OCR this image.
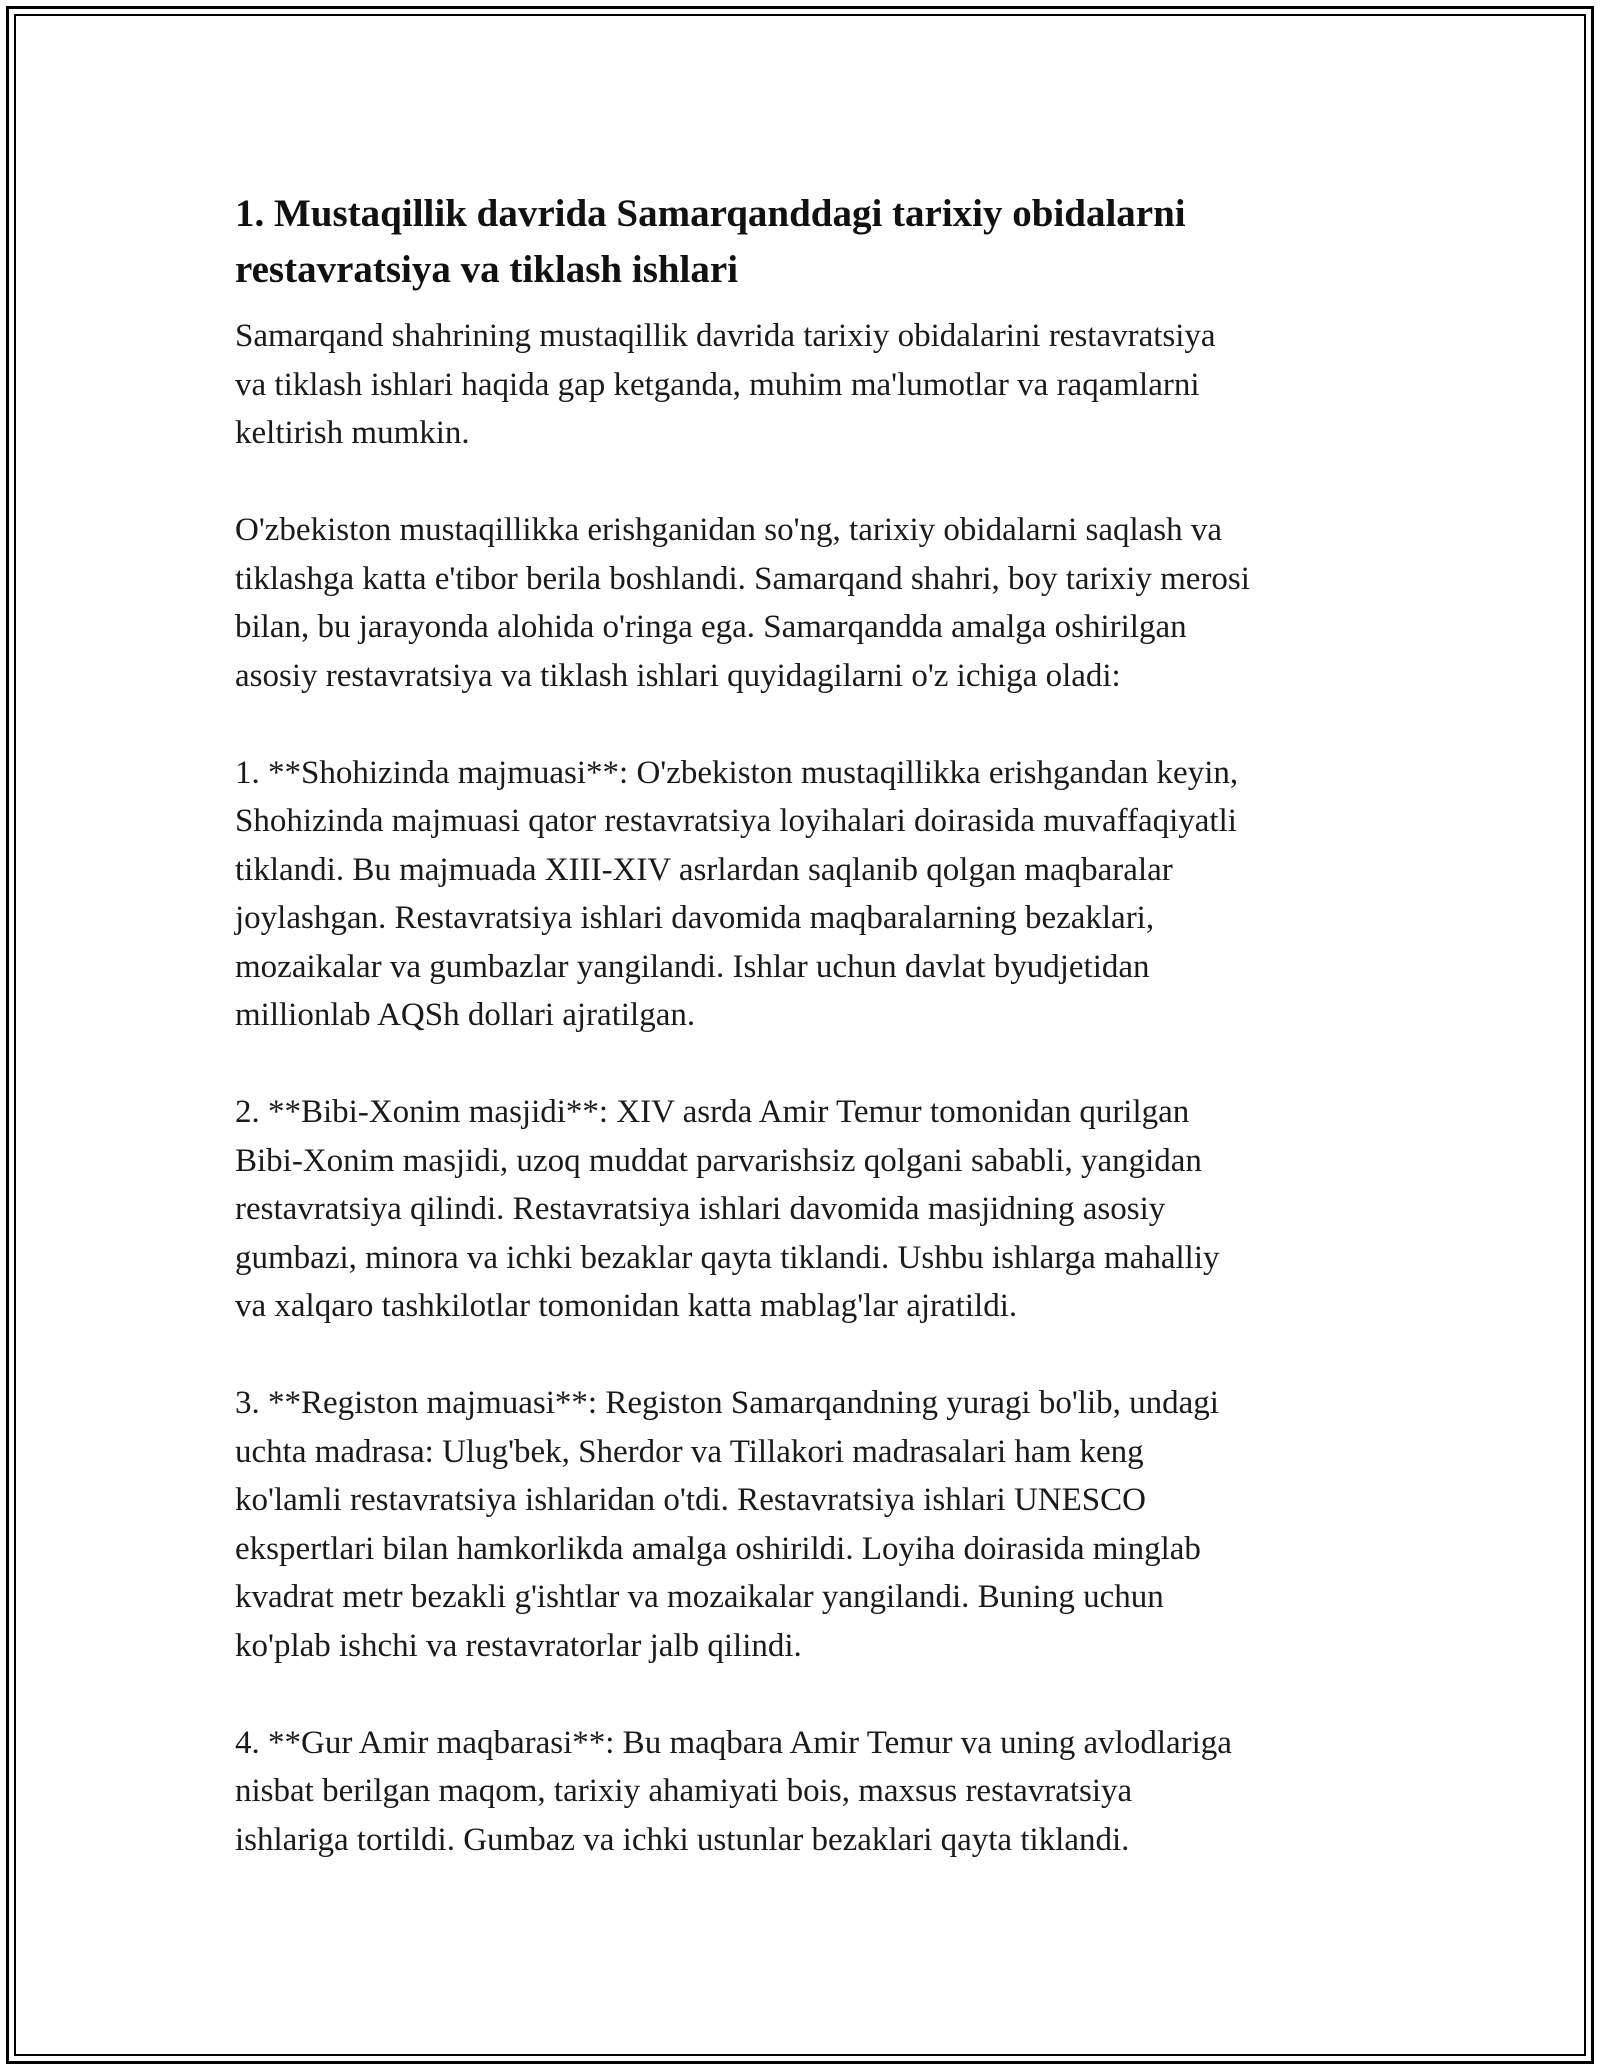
1. Mustaqillik davrida Samarqanddagi tarixiy obidalarni
restavratsiya va tiklash ishlari

Samarqand shahrining mustaqillik davrida tarixiy obidalarini restavratsiya
va tiklash ishlari haqida gap ketganda, muhim ma'lumotlar va raqamlarni
keltirish mumkin.

O'zbekiston mustaqillikka erishganidan so'ng, tarixiy obidalarni saqlash va
tiklashga katta e'tibor berila boshlandi. Samarqand shahri, boy tarixiy merosi
bilan, bu jarayonda alohida o'ringa ega. Samarqandda amalga oshirilgan
asosiy restavratsiya va tiklash ishlari quyidagilarni o'z ichiga oladi:

1. **Shohizinda majmuasi**: O'zbekiston mustaqillikka erishgandan keyin,
Shohizinda majmuasi qator restavratsiya loyihalari doirasida muvaffaqiyatli
tiklandi. Bu majmuada XIII-XIV asrlardan saqlanib qolgan maqbaralar
joylashgan. Restavratsiya ishlari davomida maqbaralarning bezaklari,
mozaikalar va gumbazlar yangilandi. Ishlar uchun davlat byudjetidan
millionlab AQSh dollari ajratilgan.

2. **Bibi-Xonim masjidi**: XIV asrda Amir Temur tomonidan qurilgan
Bibi-Xonim masjidi, uzoq muddat parvarishsiz qolgani sababli, yangidan
restavratsiya qilindi. Restavratsiya ishlari davomida masjidning asosiy
gumbazi, minora va ichki bezaklar qayta tiklandi. Ushbu ishlarga mahalliy
va xalqaro tashkilotlar tomonidan katta mablag'lar ajratildi.

3. **Registon majmuasi**: Registon Samarqandning yuragi bo'lib, undagi
uchta madrasa: Ulug'bek, Sherdor va Tillakori madrasalari ham keng
ko'lamli restavratsiya ishlaridan o'tdi. Restavratsiya ishlari UNESCO
ekspertlari bilan hamkorlikda amalga oshirildi. Loyiha doirasida minglab
kvadrat metr bezakli g'ishtlar va mozaikalar yangilandi. Buning uchun
ko'plab ishchi va restavratorlar jalb qilindi.

4. **Gur Amir maqbarasi**: Bu maqbara Amir Temur va uning avlodlariga
nisbat berilgan maqom, tarixiy ahamiyati bois, maxsus restavratsiya
ishlariga tortildi. Gumbaz va ichki ustunlar bezaklari qayta tiklandi.
